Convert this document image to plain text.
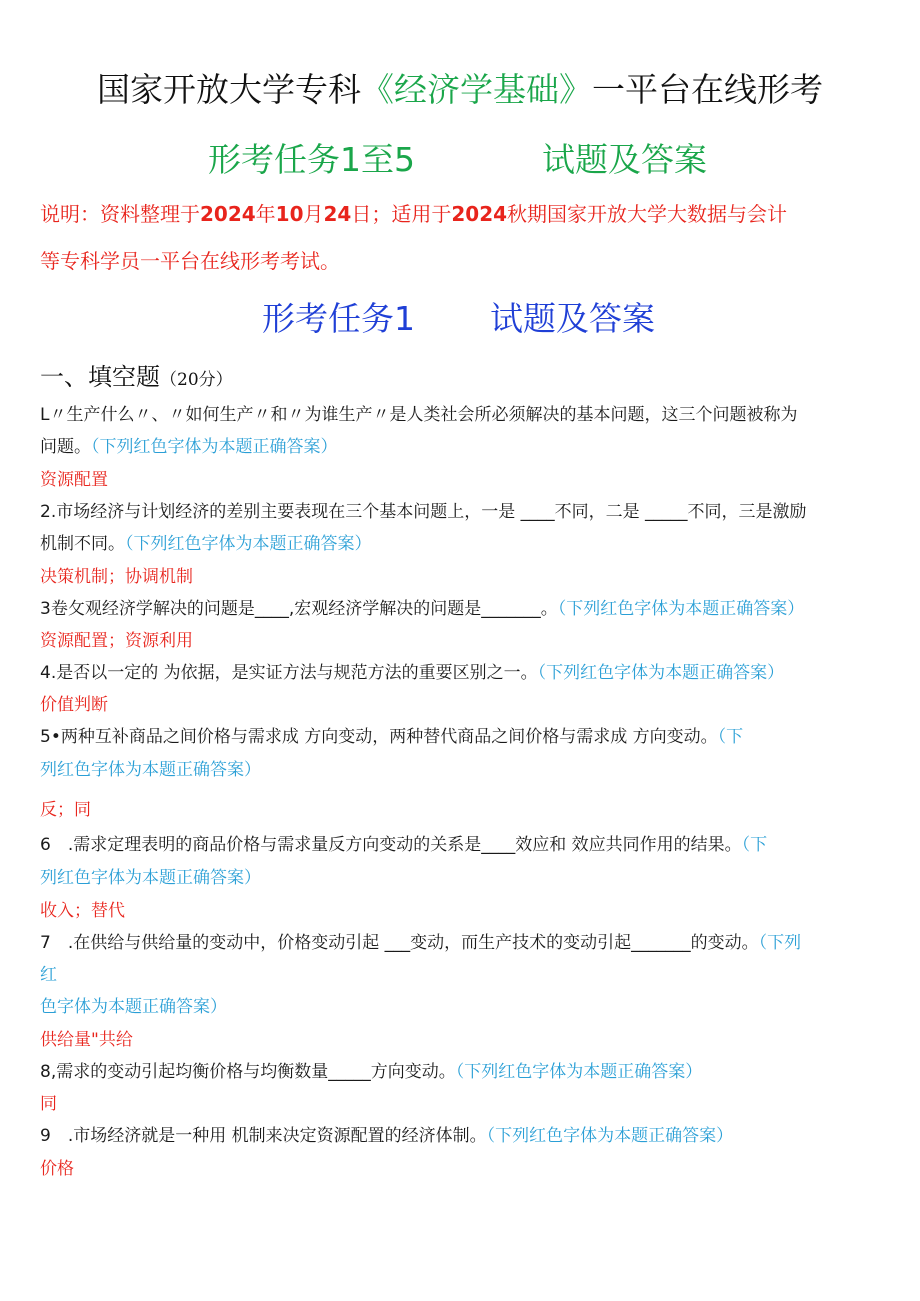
国家开放大学专科《经济学基础》一平台在线形考
形考任务1至5	试题及答案
说明：资料整理于2024年10月24日；适用于2024秋期国家开放大学大数据与会计
等专科学员一平台在线形考考试。
形考任务1 试题及答案
一、填空题（20分）
L〃生产什么〃、〃如何生产〃和〃为谁生产〃是人类社会所必须解决的基本问题，这三个问题被称为
问题。（下列红色字体为本题正确答案）
资源配置
2.市场经济与计划经济的差别主要表现在三个基本问题上，一是 ____不同，二是 _____不同，三是激励
机制不同。（下列红色字体为本题正确答案）
决策机制；协调机制
3卷攵观经济学解决的问题是____,宏观经济学解决的问题是_______。（下列红色字体为本题正确答案）
资源配置；资源利用
4.是否以一定的 为依据，是实证方法与规范方法的重要区别之一。（下列红色字体为本题正确答案）
价值判断
5•两种互补商品之间价格与需求成 方向变动，两种替代商品之间价格与需求成 方向变动。（下
列红色字体为本题正确答案）
反；同
6　.需求定理表明的商品价格与需求量反方向变动的关系是____效应和 效应共同作用的结果。（下
列红色字体为本题正确答案）
收入；替代
7　.在供给与供给量的变动中，价格变动引起 ___变动，而生产技术的变动引起_______的变动。（下列
红
色字体为本题正确答案）
供给量"共给
8,需求的变动引起均衡价格与均衡数量_____方向变动。（下列红色字体为本题正确答案）
同
9　.市场经济就是一种用 机制来决定资源配置的经济体制。（下列红色字体为本题正确答案）
价格
